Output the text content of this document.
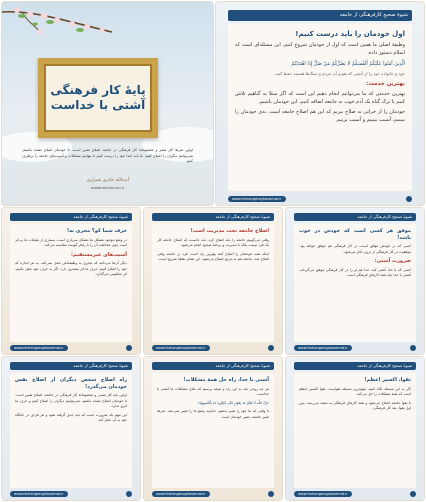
پایهٔ کار فرهنگی
آشتی با خداست
اولین شرط کار مثمر و معصومانهٔ کار فرهنگی در جامعه اصلاح نفس است. تا خودمان اصلاح نشده باشیم، نمی‌توانیم دیگران را اصلاح کنیم. ما باید ابتدا خود را درست کنیم تا بتوانیم مشکلات و آسیب‌های جامعه را برطرف کنیم.
آیت‌الله حائری شیرازی
ostadhaerishirazi.ir
شیوهٔ صحیح کارفرهنگی از جامعه
اول خودمان را باید درست کنیم!

وظیفهٔ اصلی ما همین است که اول از خودمان شروع کنیم. این مسئله‌ای است که اسلام دستور داده.

الَّذِینَ آمَنُوا عَلَیْکُمْ أَنْفُسَکُمْ لَا یَضُرُّکُمْ مَنْ ضَلَّ إِذَا اهْتَدَیْتُمْ

خود و خانواده خود را از آتشی که هیزم آن مردم و سنگ‌ها هستند حفظ کنید.

بهترین خدمت:

بهترین خدمتی که ما می‌توانیم انجام دهیم این است که اگر مبتلا به گناهیم تلاش کنیم با ترک گناه یک آدم خوب به جامعه اضافه کنیم. این خودمان باشیم.

خودمان را از خرابی به صلاح ببریم که این هم اصلاح جامعه است. بدی خودمان را نبینیم، آسیب ببینیم و آسیب بزنیم.

www.farhangmoghavemat.ir
شیوهٔ صحیح کارفرهنگی از جامعه
حرف شما کو؟ مجری نه!

در وضع موجود مشکل ما مشکل سربازی است. بسیاری از تبلیغات ما بی‌اثر است چون مخاطب آن را با رفتار گوینده مقایسه می‌کند.

آسیب‌های غیرمستقیم:

دیگر آن‌ها می‌دانند که مجری به وظیفه‌اش عمل نمی‌کند. به هر اندازه که خود را اصلاح کنیم، حرف ما اثر بیشتری دارد. اگر به حرف خود عمل نکنیم، اثر معکوس می‌گذارد.

www.farhangmoghavemat.ir
شیوهٔ صحیح کارفرهنگی از جامعه
اصلاح جامعه تحت مدیریت است!

وقتی می‌گوییم جامعه را باید اصلاح کرد، باید دانست که اصلاح جامعه کار یک فرد نیست بلکه با مدیریت و برنامهٔ صحیح انجام می‌شود.

اینکه همه خودشان را اصلاح کنند بهترین راه است. فرد در جامعه وقتی اصلاح شد، جامعه هم به تدریج اصلاح می‌شود. این همان نقطهٔ شروع است.

www.farhangmoghavemat.ir
شیوهٔ صحیح کارفرهنگی از جامعه
موفق هر کسی است که خودش در خوب باشد!

کسی که در خودش موفق است، در کار فرهنگی هم موفق خواهد بود. موفقیت در کار فرهنگی از درون آغاز می‌شود.

ضرورت آشتی:

کسی که با خدا آشتی کند، خدا هم او را در کار فرهنگی موفق می‌گرداند. آشتی با خدا پایهٔ همهٔ کارهای فرهنگی است.

www.farhangmoghavemat.ir
شیوهٔ صحیح کارفرهنگی از جامعه
راه اصلاح شخص دیگران از اصلاح نفس خودمان می‌گذرد!

اولین باید کار مثبتی و معصومانهٔ کار فرهنگی در جامعه، اصلاح نفس است. تا خودمان اصلاح نشده باشیم، نمی‌توانیم دیگران را اصلاح کنیم و حرف ما اثری ندارد.

این مهم یک ضرورت است که باید جدی گرفته شود و هر فردی در جایگاه خود به آن عمل کند.

www.farhangmoghavemat.ir
شیوهٔ صحیح کارفرهنگی از جامعه
آشتی با خدا، راه حل همهٔ مشکلات!

هر چه زودتر باید به این راه و نتیجه برسیم که علاج مشکلات ما آشتی با خداست.

«إِنَّ اللَّهَ لَا یُغَیِّرُ مَا بِقَوْمٍ حَتَّی یُغَیِّرُوا مَا بِأَنْفُسِهِمْ»

تا وقتی که ما خود را تغییر ندهیم، خداوند وضع ما را تغییر نمی‌دهد. شرط تغییر جامعه، تغییر خودمان است.

www.farhangmoghavemat.ir
شیوهٔ صحیح کارفرهنگی از جامعه
تقوا، اکسیر اعظم!

اگر به این مسئله نگاه کنیم، مهم‌ترین مسئله تقواست. تقوا اکسیر اعظم است که همهٔ مشکلات را حل می‌کند.

با تقوا جامعه اصلاح می‌شود و همهٔ کارهای فرهنگی به نتیجه می‌رسد. پس اول تقوا، بعد کار فرهنگی.

www.farhangmoghavemat.ir
